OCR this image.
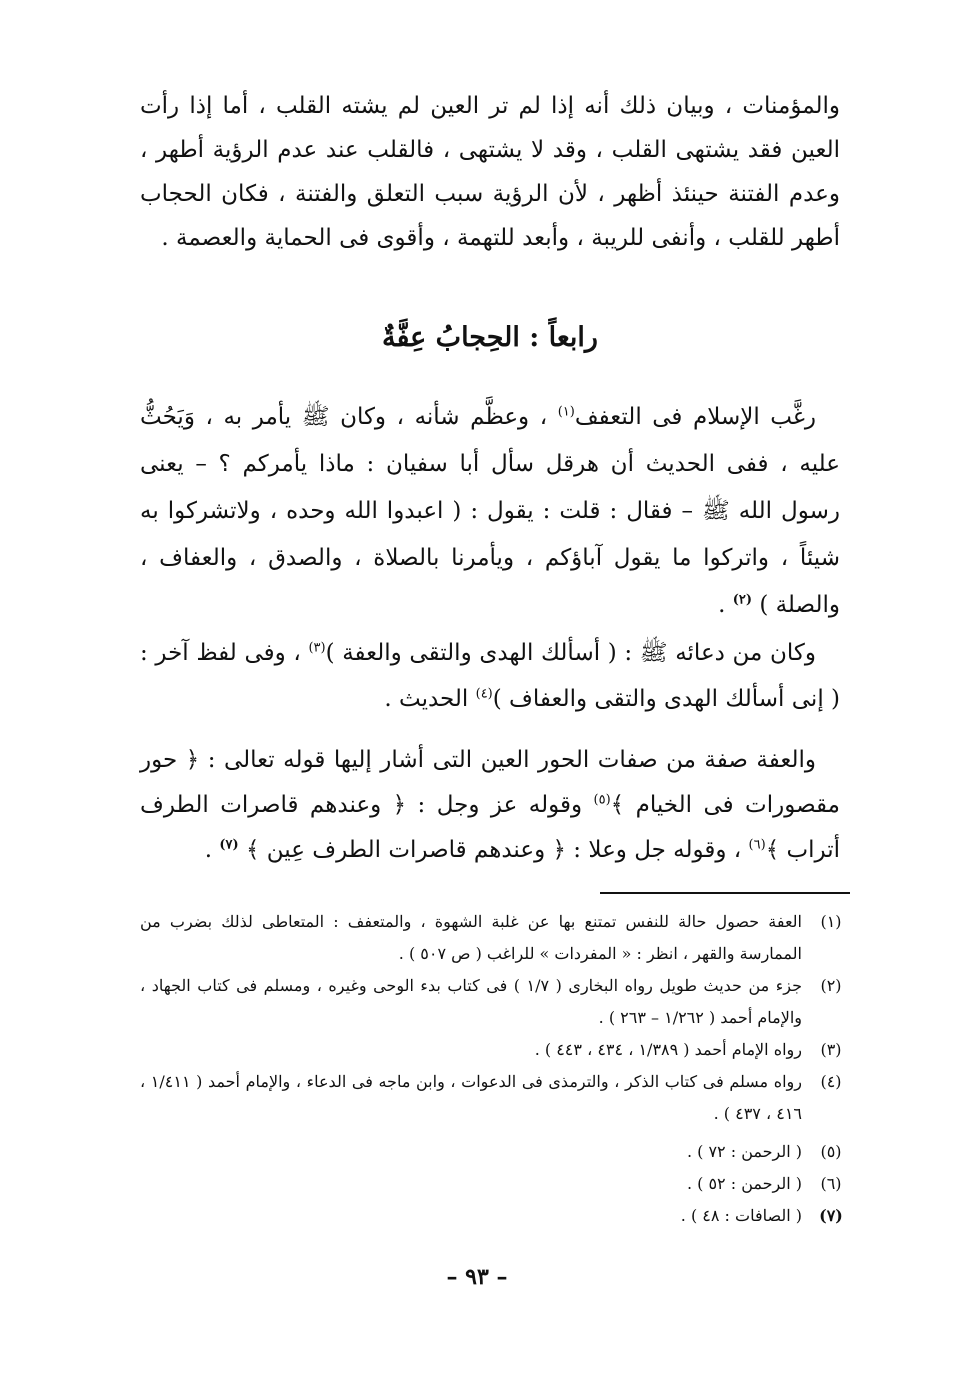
والمؤمنات ، وبيان ذلك أنه إذا لم تر العين لم يشته القلب ، أما إذا رأت العين فقد يشتهى القلب ، وقد لا يشتهى ، فالقلب عند عدم الرؤية أطهر ، وعدم الفتنة حينئذ أظهر ، لأن الرؤية سبب التعلق والفتنة ، فكان الحجاب أطهر للقلب ، وأنفى للريبة ، وأبعد للتهمة ، وأقوى فى الحماية والعصمة .

رابعاً : الحِجابُ عِفَّةٌ

رغَّب الإسلام فى التعفف$^{(١)}$ ، وعظَّم شأنه ، وكان ﷺ يأمر به ، وَيَحُثُّ عليه ، ففى الحديث أن هرقل سأل أبا سفيان : ماذا يأمركم ؟ – يعنى رسول الله ﷺ – فقال : قلت : يقول : ( اعبدوا الله وحده ، ولاتشركوا به شيئاً ، واتركوا ما يقول آباؤكم ، ويأمرنا بالصلاة ، والصدق ، والعفاف ، والصلة ) $^{(٢)}$ .

وكان من دعائه ﷺ : ( أسألك الهدى والتقى والعفة )$^{(٣)}$ ، وفى لفظ آخر : ( إنى أسألك الهدى والتقى والعفاف )$^{(٤)}$ الحديث .

والعفة صفة من صفات الحور العين التى أشار إليها قوله تعالى : ﴿ حور مقصورات فى الخيام ﴾$^{(٥)}$ وقوله عز وجل : ﴿ وعندهم قاصرات الطرف أتراب ﴾$^{(٦)}$ ، وقوله جل وعلا : ﴿ وعندهم قاصرات الطرف عِين ﴾ $^{(٧)}$ .

(١)
العفة حصول حالة للنفس تمتنع بها عن غلبة الشهوة ، والمتعفف : المتعاطى لذلك بضرب من الممارسة والقهر ، انظر : « المفردات » للراغب ( ص ٥٠٧ ) .
(٢)
جزء من حديث طويل رواه البخارى ( ١/٧ ) فى كتاب بدء الوحى وغيره ، ومسلم فى كتاب الجهاد ، والإمام أحمد ( ١/٢٦٢ – ٢٦٣ ) .
(٣)
رواه الإمام أحمد ( ١/٣٨٩ ، ٤٣٤ ، ٤٤٣ ) .
(٤)
رواه مسلم فى كتاب الذكر ، والترمذى فى الدعوات ، وابن ماجه فى الدعاء ، والإمام أحمد ( ١/٤١١ ، ٤١٦ ، ٤٣٧ ) .
(٥)
( الرحمن : ٧٢ ) .
(٦)
( الرحمن : ٥٢ ) .
(٧)
( الصافات : ٤٨ ) .
– ٩٣ –
